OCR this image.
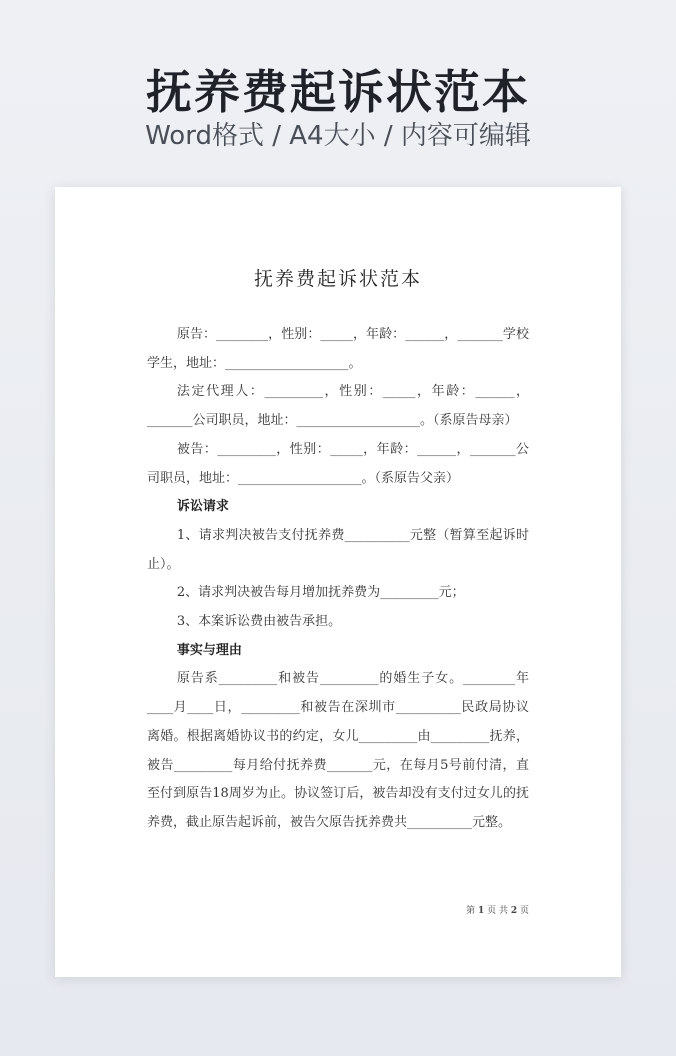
抚养费起诉状范本
Word格式 / A4大小 / 内容可编辑
抚养费起诉状范本

原告：________，性别：_____，年龄：______，_______学校学生，地址：___________________。

法定代理人：_________，性别：_____，年龄：______，_______公司职员，地址：___________________。（系原告母亲）

被告：_________，性别：_____，年龄：______，_______公司职员，地址：___________________。（系原告父亲）

诉讼请求

1、请求判决被告支付抚养费__________元整（暂算至起诉时止）。

2、请求判决被告每月增加抚养费为_________元；

3、本案诉讼费由被告承担。

事实与理由

原告系_________和被告_________的婚生子女。________年____月____日，_________和被告在深圳市__________民政局协议离婚。根据离婚协议书的约定，女儿_________由_________抚养，被告_________每月给付抚养费_______元，在每月5号前付清，直至付到原告18周岁为止。协议签订后，被告却没有支付过女儿的抚养费，截止原告起诉前，被告欠原告抚养费共__________元整。

第 1 页 共 2 页
